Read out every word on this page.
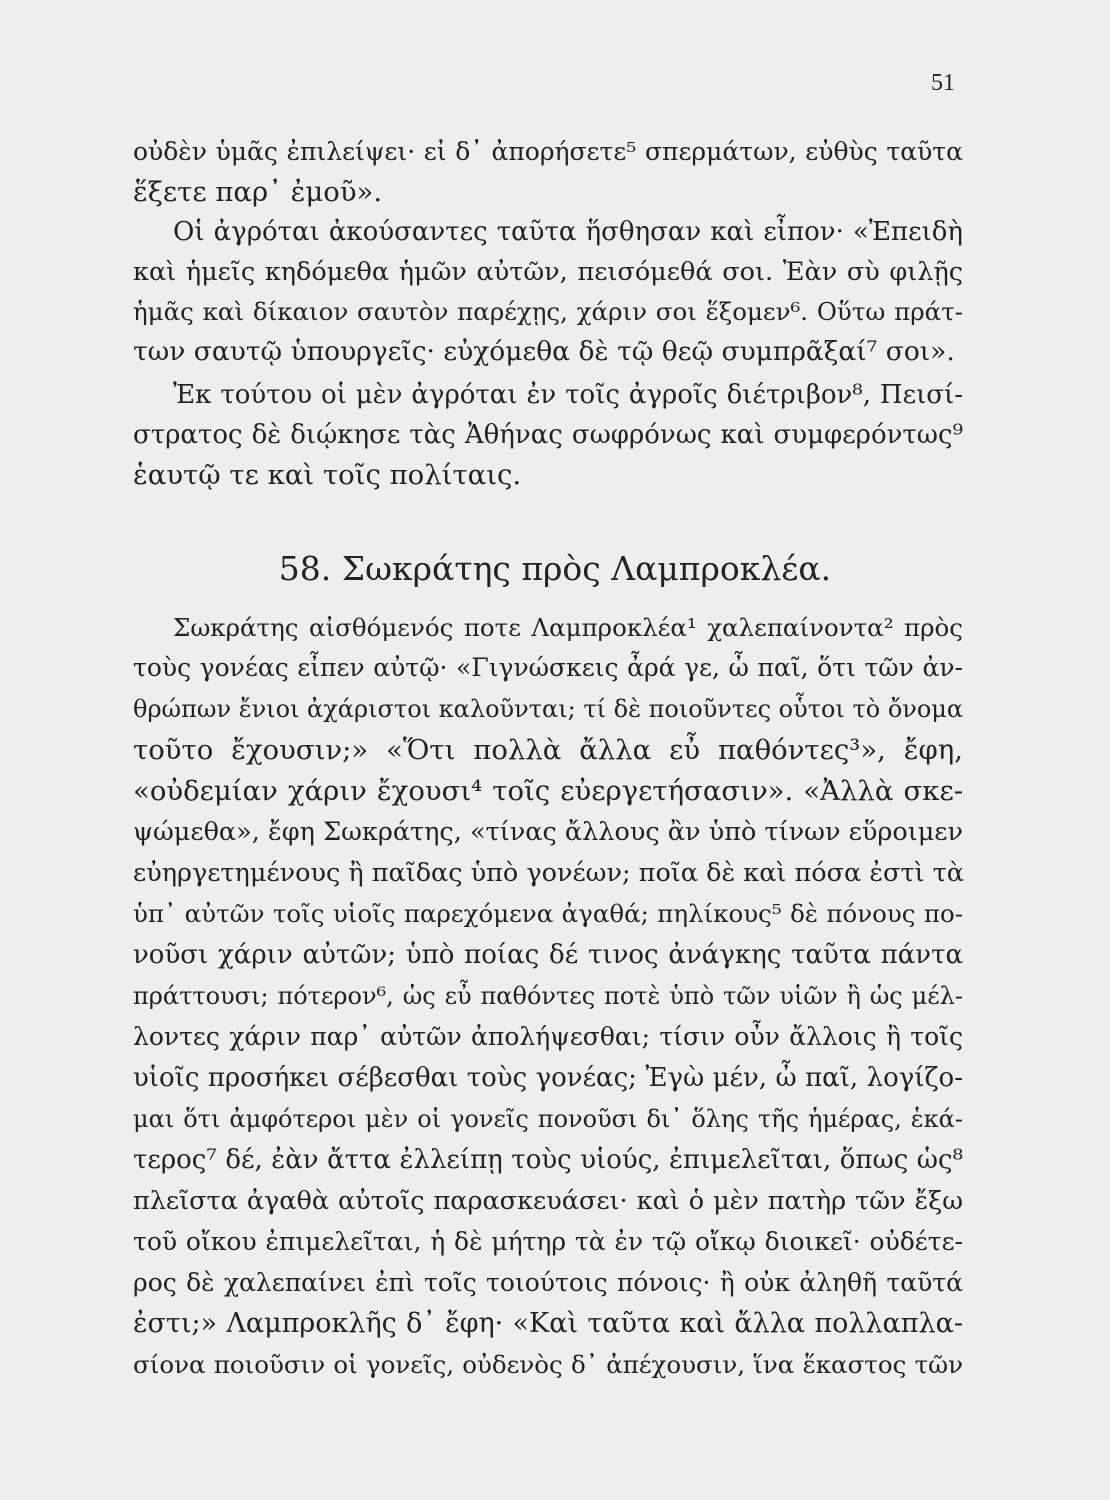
51
οὐδὲν ὑμᾶς ἐπιλείψει· εἰ δ᾽ ἀπορήσετε⁵ σπερμάτων, εὐθὺς ταῦτα
ἕξετε παρ᾽ ἐμοῦ».
Οἱ ἀγρόται ἀκούσαντες ταῦτα ἥσθησαν καὶ εἶπον· «Ἐπειδὴ
καὶ ἡμεῖς κηδόμεθα ἡμῶν αὐτῶν, πεισόμεθά σοι. Ἐὰν σὺ φιλῇς
ἡμᾶς καὶ δίκαιον σαυτὸν παρέχῃς, χάριν σοι ἕξομεν⁶. Οὕτω πράτ-
των σαυτῷ ὑπουργεῖς· εὐχόμεθα δὲ τῷ θεῷ συμπρᾶξαί⁷ σοι».
Ἐκ τούτου οἱ μὲν ἀγρόται ἐν τοῖς ἀγροῖς διέτριβον⁸, Πεισί-
στρατος δὲ διῴκησε τὰς Ἀθήνας σωφρόνως καὶ συμφερόντως⁹
ἑαυτῷ τε καὶ τοῖς πολίταις.
58. Σωκράτης πρὸς Λαμπροκλέα.
Σωκράτης αἰσθόμενός ποτε Λαμπροκλέα¹ χαλεπαίνοντα² πρὸς
τοὺς γονέας εἶπεν αὐτῷ· «Γιγνώσκεις ἆρά γε, ὦ παῖ, ὅτι τῶν ἀν-
θρώπων ἔνιοι ἀχάριστοι καλοῦνται; τί δὲ ποιοῦντες οὗτοι τὸ ὄνομα
τοῦτο ἔχουσιν;» «Ὅτι πολλὰ ἄλλα εὖ παθόντες³», ἔφη,
«οὐδεμίαν χάριν ἔχουσι⁴ τοῖς εὐεργετήσασιν». «Ἀλλὰ σκε-
ψώμεθα», ἔφη Σωκράτης, «τίνας ἄλλους ἂν ὑπὸ τίνων εὕροιμεν
εὐηργετημένους ἢ παῖδας ὑπὸ γονέων; ποῖα δὲ καὶ πόσα ἐστὶ τὰ
ὑπ᾽ αὐτῶν τοῖς υἱοῖς παρεχόμενα ἀγαθά; πηλίκους⁵ δὲ πόνους πο-
νοῦσι χάριν αὐτῶν; ὑπὸ ποίας δέ τινος ἀνάγκης ταῦτα πάντα
πράττουσι; πότερον⁶, ὡς εὖ παθόντες ποτὲ ὑπὸ τῶν υἱῶν ἢ ὡς μέλ-
λοντες χάριν παρ᾽ αὐτῶν ἀπολήψεσθαι; τίσιν οὖν ἄλλοις ἢ τοῖς
υἱοῖς προσήκει σέβεσθαι τοὺς γονέας; Ἐγὼ μέν, ὦ παῖ, λογίζο-
μαι ὅτι ἀμφότεροι μὲν οἱ γονεῖς πονοῦσι δι᾽ ὅλης τῆς ἡμέρας, ἑκά-
τερος⁷ δέ, ἐὰν ἄττα ἐλλείπῃ τοὺς υἱούς, ἐπιμελεῖται, ὅπως ὡς⁸
πλεῖστα ἀγαθὰ αὐτοῖς παρασκευάσει· καὶ ὁ μὲν πατὴρ τῶν ἔξω
τοῦ οἴκου ἐπιμελεῖται, ἡ δὲ μήτηρ τὰ ἐν τῷ οἴκῳ διοικεῖ· οὐδέτε-
ρος δὲ χαλεπαίνει ἐπὶ τοῖς τοιούτοις πόνοις· ἢ οὐκ ἀληθῆ ταῦτά
ἐστι;» Λαμπροκλῆς δ᾽ ἔφη· «Καὶ ταῦτα καὶ ἄλλα πολλαπλα-
σίονα ποιοῦσιν οἱ γονεῖς, οὐδενὸς δ᾽ ἀπέχουσιν, ἵνα ἕκαστος τῶν
